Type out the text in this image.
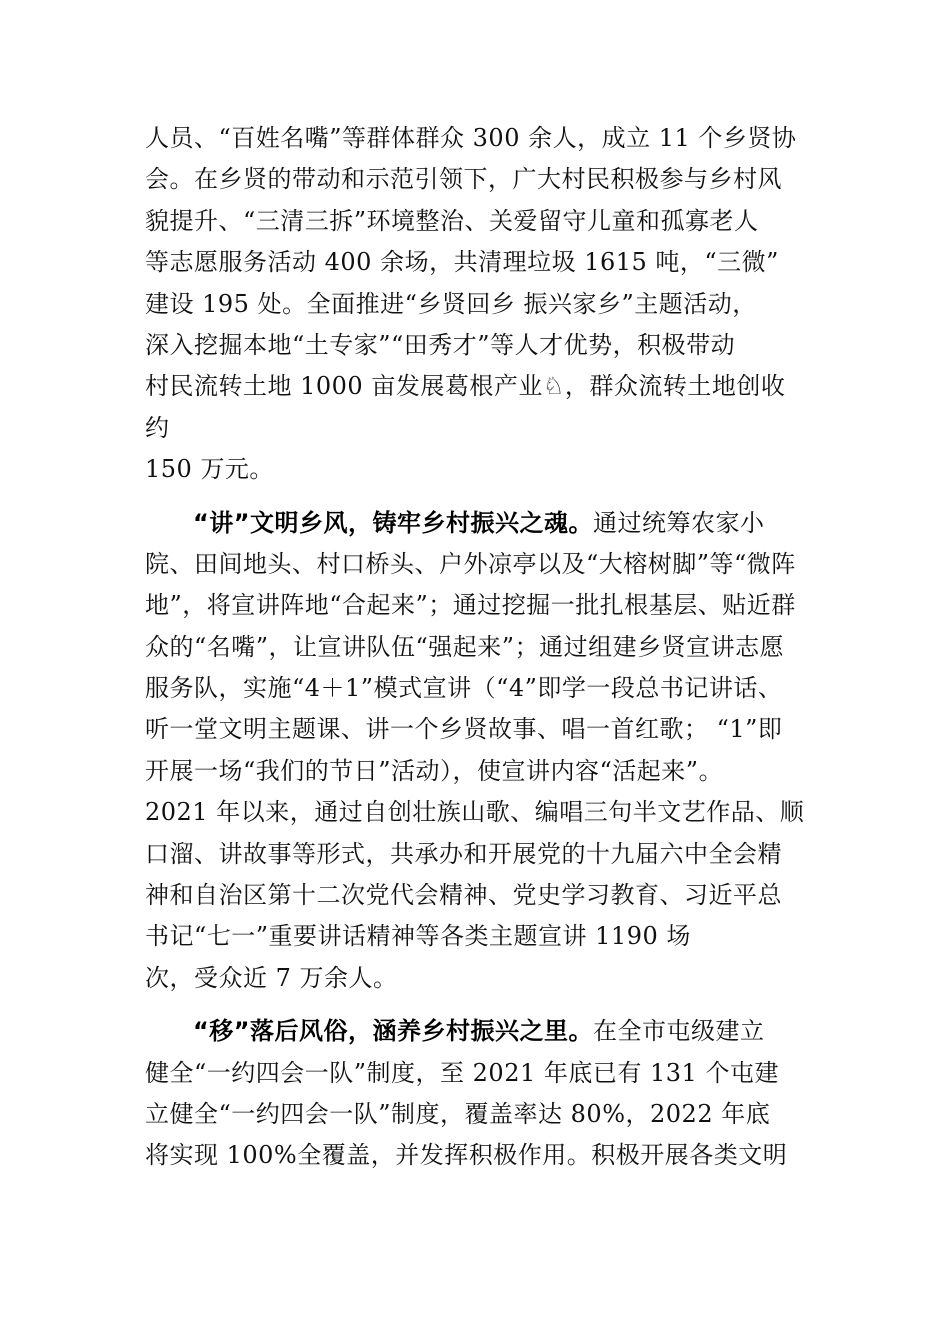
人员、“百姓名嘴”等群体群众 300 余人，成立 11 个乡贤协
会。在乡贤的带动和示范引领下，广大村民积极参与乡村风
貌提升、“三清三拆”环境整治、关爱留守儿童和孤寡老人
等志愿服务活动 400 余场，共清理垃圾 1615 吨，“三微”
建设 195 处。全面推进“乡贤回乡 振兴家乡”主题活动，
深入挖掘本地“土专家”“田秀才”等人才优势，积极带动
村民流转土地 1000 亩发展葛根产业♘，群众流转土地创收
约
150 万元。
“讲”文明乡风，铸牢乡村振兴之魂。通过统筹农家小
院、田间地头、村口桥头、户外凉亭以及“大榕树脚”等“微阵
地”，将宣讲阵地“合起来”；通过挖掘一批扎根基层、贴近群
众的“名嘴”，让宣讲队伍“强起来”；通过组建乡贤宣讲志愿
服务队，实施“4＋1”模式宣讲（“4”即学一段总书记讲话、
听一堂文明主题课、讲一个乡贤故事、唱一首红歌； “1”即
开展一场“我们的节日”活动），使宣讲内容“活起来”。
2021 年以来，通过自创壮族山歌、编唱三句半文艺作品、顺
口溜、讲故事等形式，共承办和开展党的十九届六中全会精
神和自治区第十二次党代会精神、党史学习教育、习近平总
书记“七一”重要讲话精神等各类主题宣讲 1190 场
次，受众近 7 万余人。
“移”落后风俗，涵养乡村振兴之里。在全市屯级建立
健全“一约四会一队”制度，至 2021 年底已有 131 个屯建
立健全“一约四会一队”制度，覆盖率达 80%，2022 年底
将实现 100%全覆盖，并发挥积极作用。积极开展各类文明
